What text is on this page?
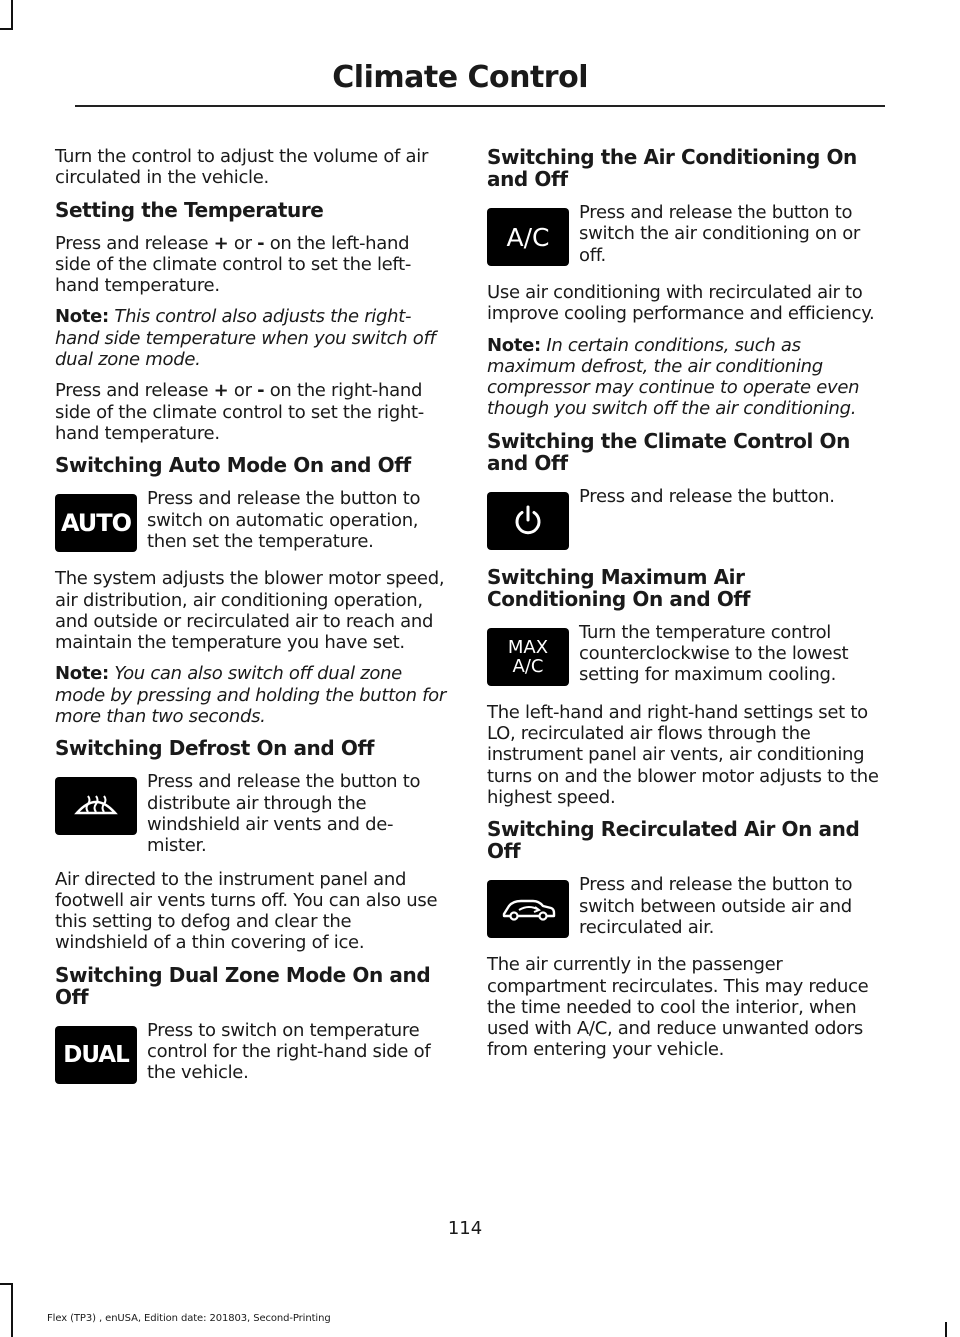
Climate Control

Turn the control to adjust the volume of air circulated in the vehicle.

Setting the Temperature

Press and release + or - on the left-hand side of the climate control to set the left-hand temperature.

Note: This control also adjusts the right-hand side temperature when you switch off dual zone mode.

Press and release + or - on the right-hand side of the climate control to set the right-hand temperature.

Switching Auto Mode On and Off
AUTO

Press and release the button to switch on automatic operation, then set the temperature.

The system adjusts the blower motor speed, air distribution, air conditioning operation, and outside or recirculated air to reach and maintain the temperature you have set.

Note: You can also switch off dual zone mode by pressing and holding the button for more than two seconds.

Switching Defrost On and Off

Press and release the button to distribute air through the windshield air vents and de-mister.

Air directed to the instrument panel and footwell air vents turns off. You can also use this setting to defog and clear the windshield of a thin covering of ice.

Switching Dual Zone Mode On and Off
DUAL

Press to switch on temperature control for the right-hand side of the vehicle.

Switching the Air Conditioning On and Off
A/C

Press and release the button to switch the air conditioning on or off.

Use air conditioning with recirculated air to improve cooling performance and efficiency.

Note: In certain conditions, such as maximum defrost, the air conditioning compressor may continue to operate even though you switch off the air conditioning.

Switching the Climate Control On and Off

Press and release the button.

Switching Maximum Air Conditioning On and Off
MAX
A/C

Turn the temperature control counterclockwise to the lowest setting for maximum cooling.

The left-hand and right-hand settings set to LO, recirculated air flows through the instrument panel air vents, air conditioning turns on and the blower motor adjusts to the highest speed.

Switching Recirculated Air On and Off

Press and release the button to switch between outside air and recirculated air.

The air currently in the passenger compartment recirculates. This may reduce the time needed to cool the interior, when used with A/C, and reduce unwanted odors from entering your vehicle.

114
Flex (TP3) , enUSA, Edition date: 201803, Second-Printing
